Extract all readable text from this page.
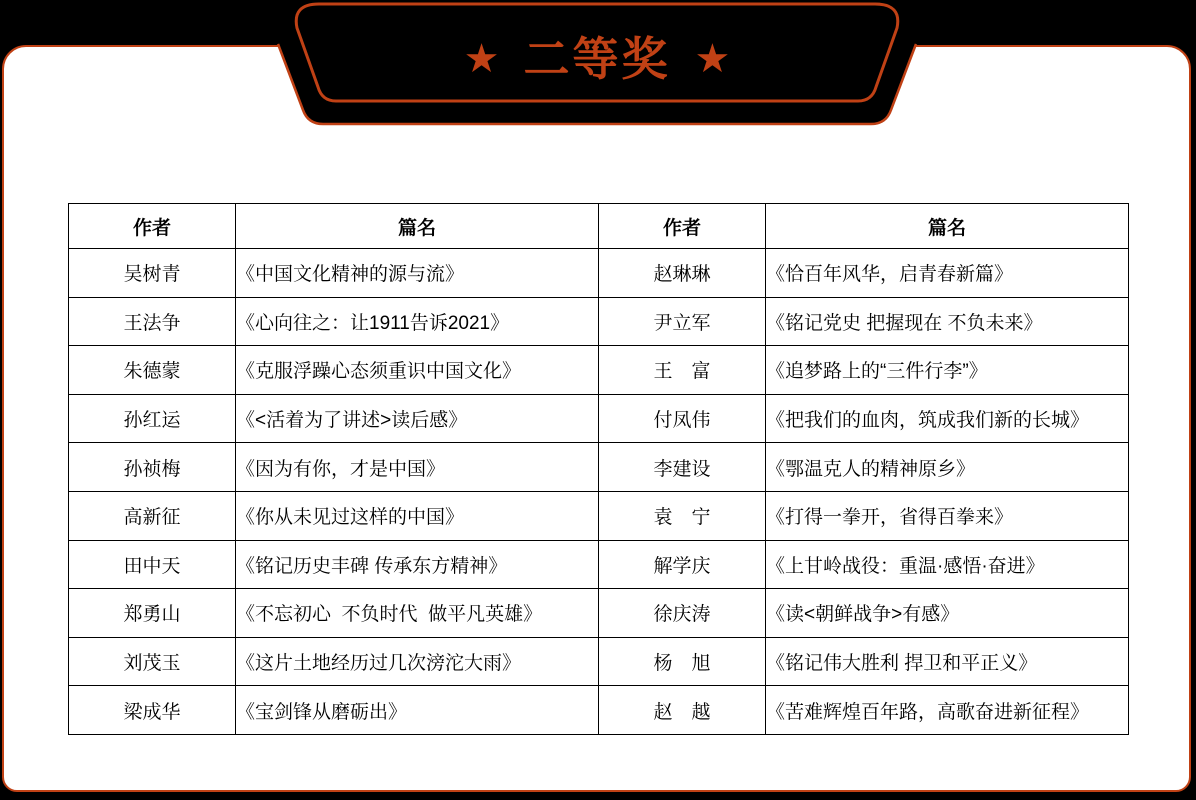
★ 二等奖 ★
作者	篇名	作者	篇名
吴树青	《中国文化精神的源与流》	赵琳琳	《恰百年风华，启青春新篇》
王法争	《心向往之：让1911告诉2021》	尹立军	《铭记党史 把握现在 不负未来》
朱德蒙	《克服浮躁心态须重识中国文化》	王　富	《追梦路上的“三件行李”》
孙红运	《<活着为了讲述>读后感》	付凤伟	《把我们的血肉，筑成我们新的长城》
孙祯梅	《因为有你，才是中国》	李建设	《鄂温克人的精神原乡》
高新征	《你从未见过这样的中国》	袁　宁	《打得一拳开，省得百拳来》
田中天	《铭记历史丰碑 传承东方精神》	解学庆	《上甘岭战役：重温·感悟·奋进》
郑勇山	《不忘初心  不负时代  做平凡英雄》	徐庆涛	《读<朝鲜战争>有感》
刘茂玉	《这片土地经历过几次滂沱大雨》	杨　旭	《铭记伟大胜利 捍卫和平正义》
梁成华	《宝剑锋从磨砺出》	赵　越	《苦难辉煌百年路，高歌奋进新征程》
